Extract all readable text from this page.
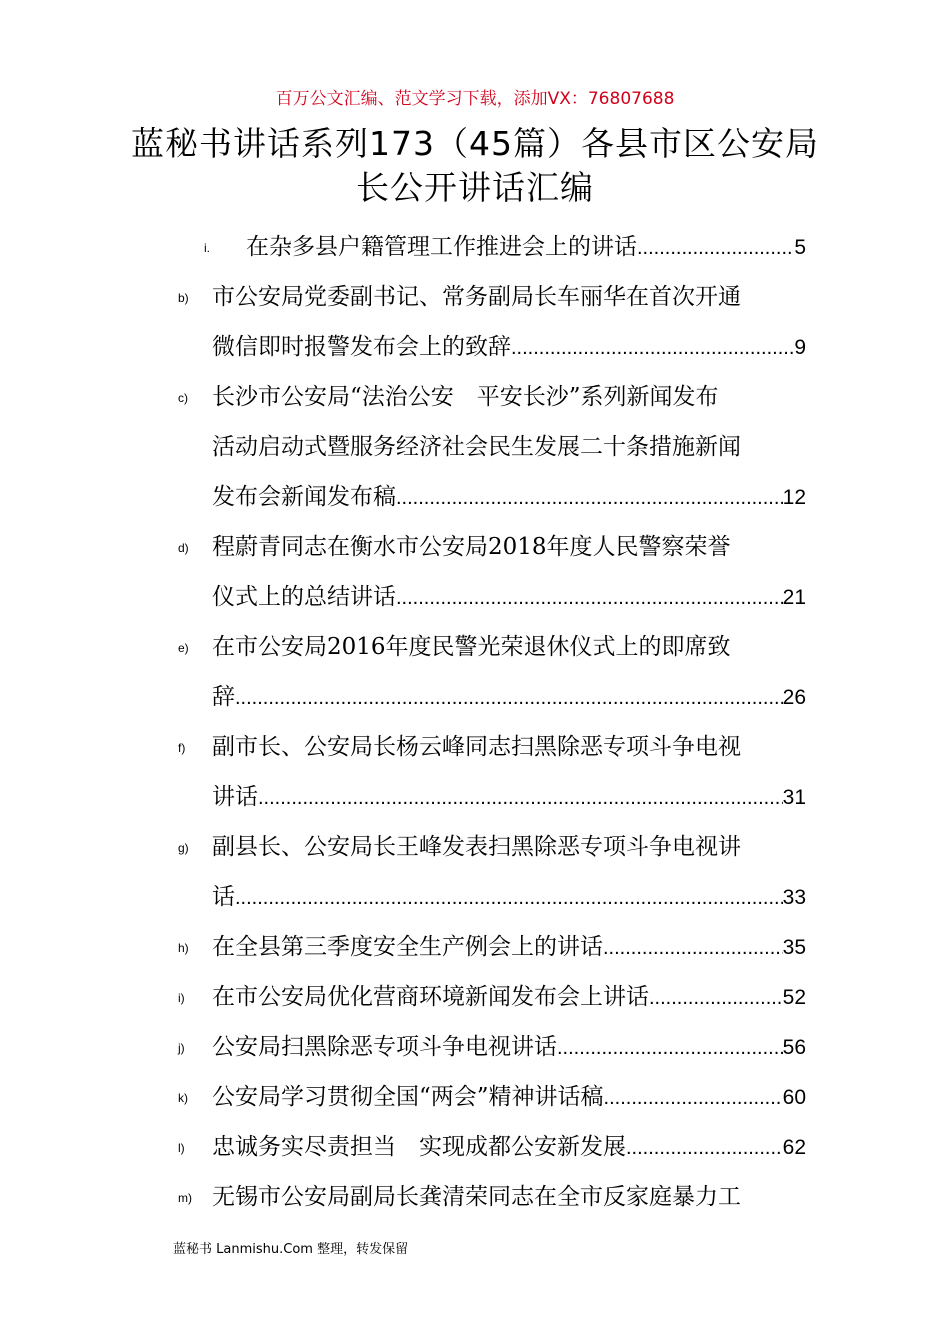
百万公文汇编、范文学习下载，添加VX：76807688
蓝秘书讲话系列173（45篇）各县市区公安局长公开讲话汇编
i. 在杂多县户籍管理工作推进会上的讲话 .....	5
b) 市公安局党委副书记、常务副局长车丽华在首次开通
微信即时报警发布会上的致辞 .....	9
c) 长沙市公安局“法治公安　平安长沙”系列新闻发布
活动启动式暨服务经济社会民生发展二十条措施新闻
发布会新闻发布稿 .....	12
d) 程蔚青同志在衡水市公安局2018年度人民警察荣誉
仪式上的总结讲话 .....	21
e) 在市公安局2016年度民警光荣退休仪式上的即席致
辞 .....	26
f) 副市长、公安局长杨云峰同志扫黑除恶专项斗争电视
讲话 .....	31
g) 副县长、公安局长王峰发表扫黑除恶专项斗争电视讲
话 .....	33
h) 在全县第三季度安全生产例会上的讲话 .....	35
i) 在市公安局优化营商环境新闻发布会上讲话 .....	52
j) 公安局扫黑除恶专项斗争电视讲话 .....	56
k) 公安局学习贯彻全国“两会”精神讲话稿 .....	60
l) 忠诚务实尽责担当　实现成都公安新发展 .....	62
m) 无锡市公安局副局长龚清荣同志在全市反家庭暴力工
蓝秘书 Lanmishu.Com 整理，转发保留
